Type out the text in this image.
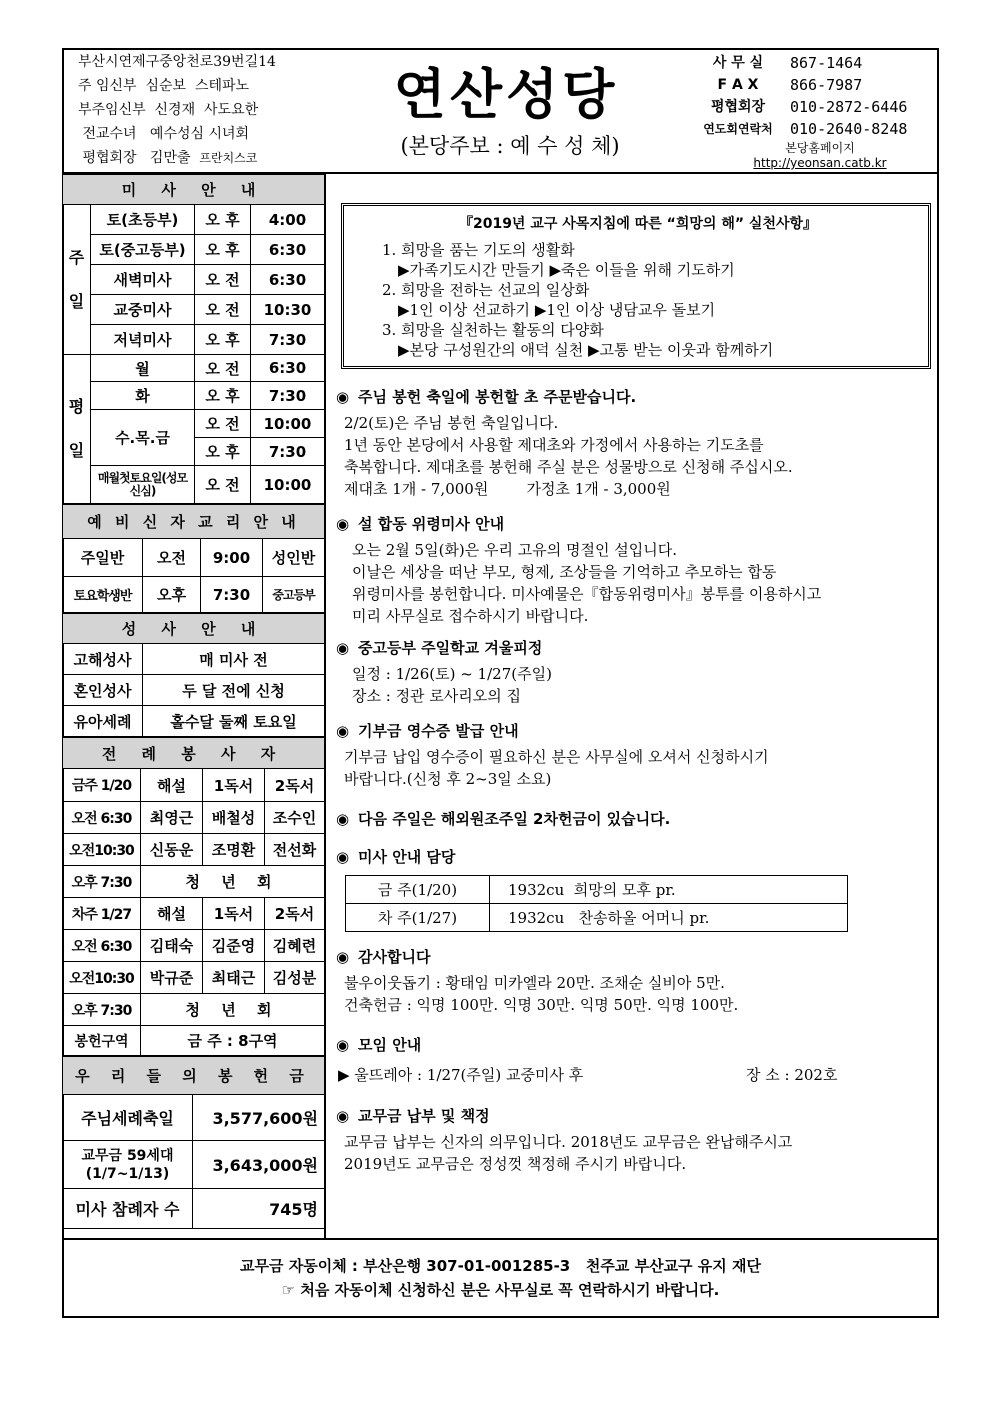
부산시연제구중앙천로39번길14
주 임신부 심순보 스테파노
부주임신부 신경재 사도요한
전교수녀 예수성심 시녀회
평협회장 김만출 프란치스코
연산성당
(본당주보 : 예 수 성 체)
사 무 실	867-1464
F A X	866-7987
평협회장	010-2872-6446
연도회연락처	010-2640-8248
본당홈페이지
http://yeonsan.catb.kr
미 사 안 내			
주

일	토(초등부)	오 후	4:00
	토(중고등부)	오 후	6:30
	새벽미사	오 전	6:30
	교중미사	오 전	10:30
	저녁미사	오 후	7:30
평

일	월	오 전	6:30
	화	오 후	7:30
	수.목.금	오 전	10:00
		오 후	7:30
	매월첫토요일(성모신심)	오 전	10:00
예 비 신 자 교 리 안 내			
주일반	오전	9:00	성인반
토요학생반	오후	7:30	중고등부
성 사 안 내	
고해성사	매 미사 전
혼인성사	두 달 전에 신청
유아세례	홀수달 둘째 토요일
전 례 봉 사 자			
금주 1/20	해설	1독서	2독서
오전 6:30	최영근	배철성	조수인
오전10:30	신동운	조명환	전선화
오후 7:30	청 년 회		
차주 1/27	해설	1독서	2독서
오전 6:30	김태숙	김준영	김혜련
오전10:30	박규준	최태근	김성분
오후 7:30	청 년 회		
봉헌구역	금 주 : 8구역		
우 리 들 의 봉 헌 금	
주님세례축일	3,577,600원
교무금 59세대 (1/7~1/13)	3,643,000원
미사 참례자 수	745명
『2019년 교구 사목지침에 따른 “희망의 해” 실천사항』
1. 희망을 품는 기도의 생활화
▶가족기도시간 만들기 ▶죽은 이들을 위해 기도하기
2. 희망을 전하는 선교의 일상화
▶1인 이상 선교하기 ▶1인 이상 냉담교우 돌보기
3. 희망을 실천하는 활동의 다양화
▶본당 구성원간의 애덕 실천 ▶고통 받는 이웃과 함께하기
◉ 주님 봉헌 축일에 봉헌할 초 주문받습니다.
2/2(토)은 주님 봉헌 축일입니다.
1년 동안 본당에서 사용할 제대초와 가정에서 사용하는 기도초를
축복합니다. 제대초를 봉헌해 주실 분은 성물방으로 신청해 주십시오.
제대초 1개 - 7,000원        가정초 1개 - 3,000원
◉ 설 합동 위령미사 안내
오는 2월 5일(화)은 우리 고유의 명절인 설입니다.
이날은 세상을 떠난 부모, 형제, 조상들을 기억하고 추모하는 합동
위령미사를 봉헌합니다. 미사예물은『합동위령미사』봉투를 이용하시고
미리 사무실로 접수하시기 바랍니다.
◉ 중고등부 주일학교 겨울피정
일정 : 1/26(토) ~ 1/27(주일)
장소 : 정관 로사리오의 집
◉ 기부금 영수증 발급 안내
기부금 납입 영수증이 필요하신 분은 사무실에 오셔서 신청하시기
바랍니다.(신청 후 2~3일 소요)
◉ 다음 주일은 해외원조주일 2차헌금이 있습니다.
◉ 미사 안내 담당
금 주(1/20)	1932cu  희망의 모후 pr.
차 주(1/27)	1932cu   찬송하올 어머니 pr.
◉ 감사합니다
불우이웃돕기 : 황태임 미카엘라 20만. 조채순 실비아 5만.
건축헌금 : 익명 100만. 익명 30만. 익명 50만. 익명 100만.
◉ 모임 안내
▶ 울뜨레아 : 1/27(주일) 교중미사 후	장 소 : 202호
◉ 교무금 납부 및 책정
교무금 납부는 신자의 의무입니다. 2018년도 교무금은 완납해주시고
2019년도 교무금은 정성껏 책정해 주시기 바랍니다.
교무금 자동이체 : 부산은행 307-01-001285-3   천주교 부산교구 유지 재단
☞ 처음 자동이체 신청하신 분은 사무실로 꼭 연락하시기 바랍니다.
